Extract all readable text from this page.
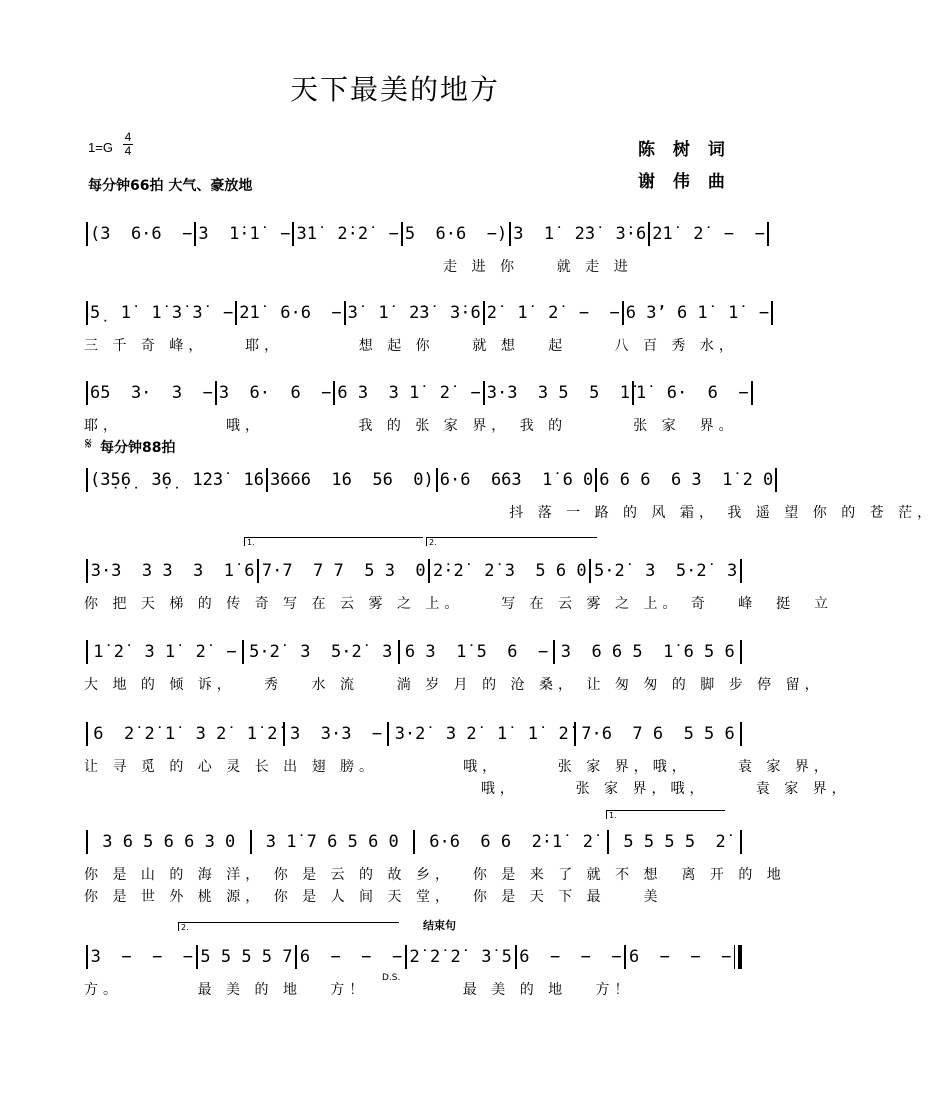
天下最美的地方
1=G
4
4
每分钟66拍 大气、豪放地
陈 树 词
谢 伟 曲
𝄋 每分钟88拍
(3  6·6  − 3  1̇·1̇  − 3̇1̇  2̇·2̇  − 5  6·6  −) 3  1̇  2̇3̇  3̇·6 2̇1̇  2̇  −  −
走 进 你    就 走 进
5̣  1̇  1̇ 3̇ 3̇  − 2̇1̇  6·6  − 3̇  1̇  2̇3̇  3̇·6 2̇  1̇  2̇  −  − 6 3̇ʼ 6 1̇  1̇  −
三 千 奇 峰，    耶，        想 起 你    就 想   起     八 百 秀 水，
65  3·  3  − 3  6·  6  − 6 3  3 1̇  2̇  − 3·3  3 5  5  1̇ 1̇  6·  6  −
耶，           哦，          我 的 张 家 界， 我 的       张 家  界。
(3̣5̣6̣  3̣6̣  1̇2̇3̇  1̇6 3666  1̇6  56  0) 6·6  663  1̇ 6 0 6 6 6  6 3  1̇ 2 0
抖 落 一 路 的 风 霜， 我 遥 望 你 的 苍 茫，
3·3  3 3  3  1̇ 6 7·7  7 7  5 3  0 2̇·2̇  2̇ 3  5 6 0 5·2̇  3  5·2̇  3
你 把 天 梯 的 传 奇 写 在 云 雾 之 上。    写 在 云 雾 之 上。 奇   峰  挺  立
1̇ 2̇  3 1̇  2̇  − 5·2̇  3  5·2̇  3 6 3  1̇ 5  6  − 3  6 6 5  1̇ 6 5 6
大 地 的 倾 诉，   秀   水 流    淌 岁 月 的 沧 桑， 让 匆 匆 的 脚 步 停 留，
6  2̇ 2̇ 1̇  3 2̇  1̇ 2̇ 3  3·3  − 3·2̇  3 2̇  1̇  1̇  2̇ 7·6  7 6  5 5 6
让 寻 觅 的 心 灵 长 出 翅 膀。         哦，      张 家 界，哦，     袁 家 界，
哦，      张 家 界，哦，     袁 家 界，
3 6 5 6 6 3 0	3 1̇ 7 6 5 6 0	6·6  6 6  2̇·1̇  2̇	5 5 5 5  2̇
你 是 山 的 海 洋， 你 是 云 的 故 乡，  你 是 来 了 就 不 想  离 开 的 地
你 是 世 外 桃 源， 你 是 人 间 天 堂，  你 是 天 下 最    美
3  −  −  − 5 5 5 5 7 6  −  −  − 2̇ 2̇ 2̇  3̇ 5 6  −  −  − 6  −  −  −
方。        最 美 的 地   方！          最 美 的 地   方！
1.	2.
1.
2.	结束句
D.S.
